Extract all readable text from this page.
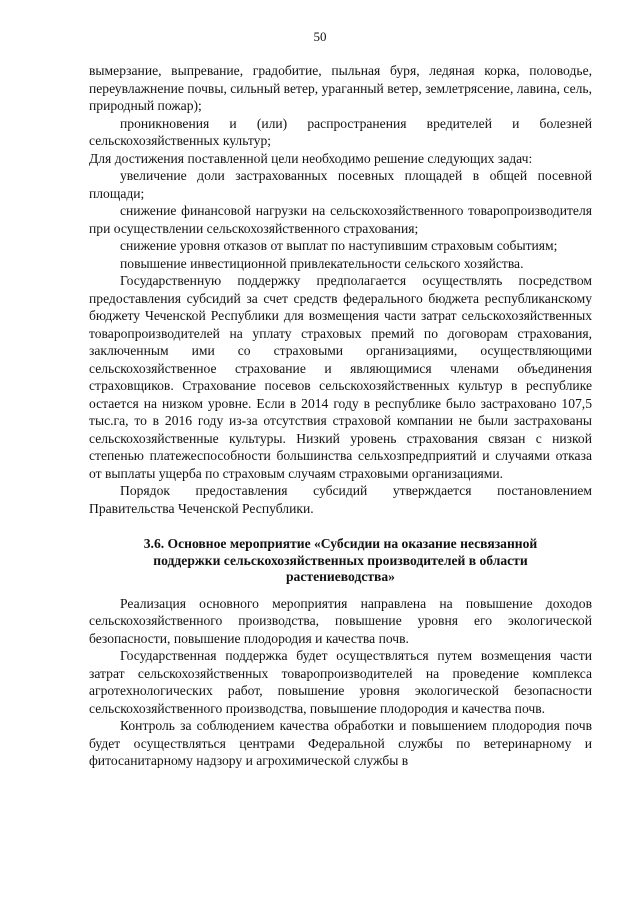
50

вымерзание, выпревание, градобитие, пыльная буря, ледяная корка, половодье, переувлажнение почвы, сильный ветер, ураганный ветер, землетрясение, лавина, сель, природный пожар);

проникновения и (или) распространения вредителей и болезней сельскохозяйственных культур;

Для достижения поставленной цели необходимо решение следующих задач:

увеличение доли застрахованных посевных площадей в общей посевной площади;

снижение финансовой нагрузки на сельскохозяйственного товаропроизводителя при осуществлении сельскохозяйственного страхования;

снижение уровня отказов от выплат по наступившим страховым событиям;

повышение инвестиционной привлекательности сельского хозяйства.

Государственную поддержку предполагается осуществлять посредством предоставления субсидий за счет средств федерального бюджета республиканскому бюджету Чеченской Республики для возмещения части затрат сельскохозяйственных товаропроизводителей на уплату страховых премий по договорам страхования, заключенным ими со страховыми организациями, осуществляющими сельскохозяйственное страхование и являющимися членами объединения страховщиков. Страхование посевов сельскохозяйственных культур в республике остается на низком уровне. Если в 2014 году в республике было застраховано 107,5 тыс.га, то в 2016 году из-за отсутствия страховой компании не были застрахованы сельскохозяйственные культуры. Низкий уровень страхования связан с низкой степенью платежеспособности большинства сельхозпредприятий и случаями отказа от выплаты ущерба по страховым случаям страховыми организациями.

Порядок предоставления субсидий утверждается постановлением Правительства Чеченской Республики.

3.6. Основное мероприятие «Субсидии на оказание несвязанной
поддержки сельскохозяйственных производителей в области
растениеводства»

Реализация основного мероприятия направлена на повышение доходов сельскохозяйственного производства, повышение уровня его экологической безопасности, повышение плодородия и качества почв.

Государственная поддержка будет осуществляться путем возмещения части затрат сельскохозяйственных товаропроизводителей на проведение комплекса агротехнологических работ, повышение уровня экологической безопасности сельскохозяйственного производства, повышение плодородия и качества почв.

Контроль за соблюдением качества обработки и повышением плодородия почв будет осуществляться центрами Федеральной службы по ветеринарному и фитосанитарному надзору и агрохимической службы в
